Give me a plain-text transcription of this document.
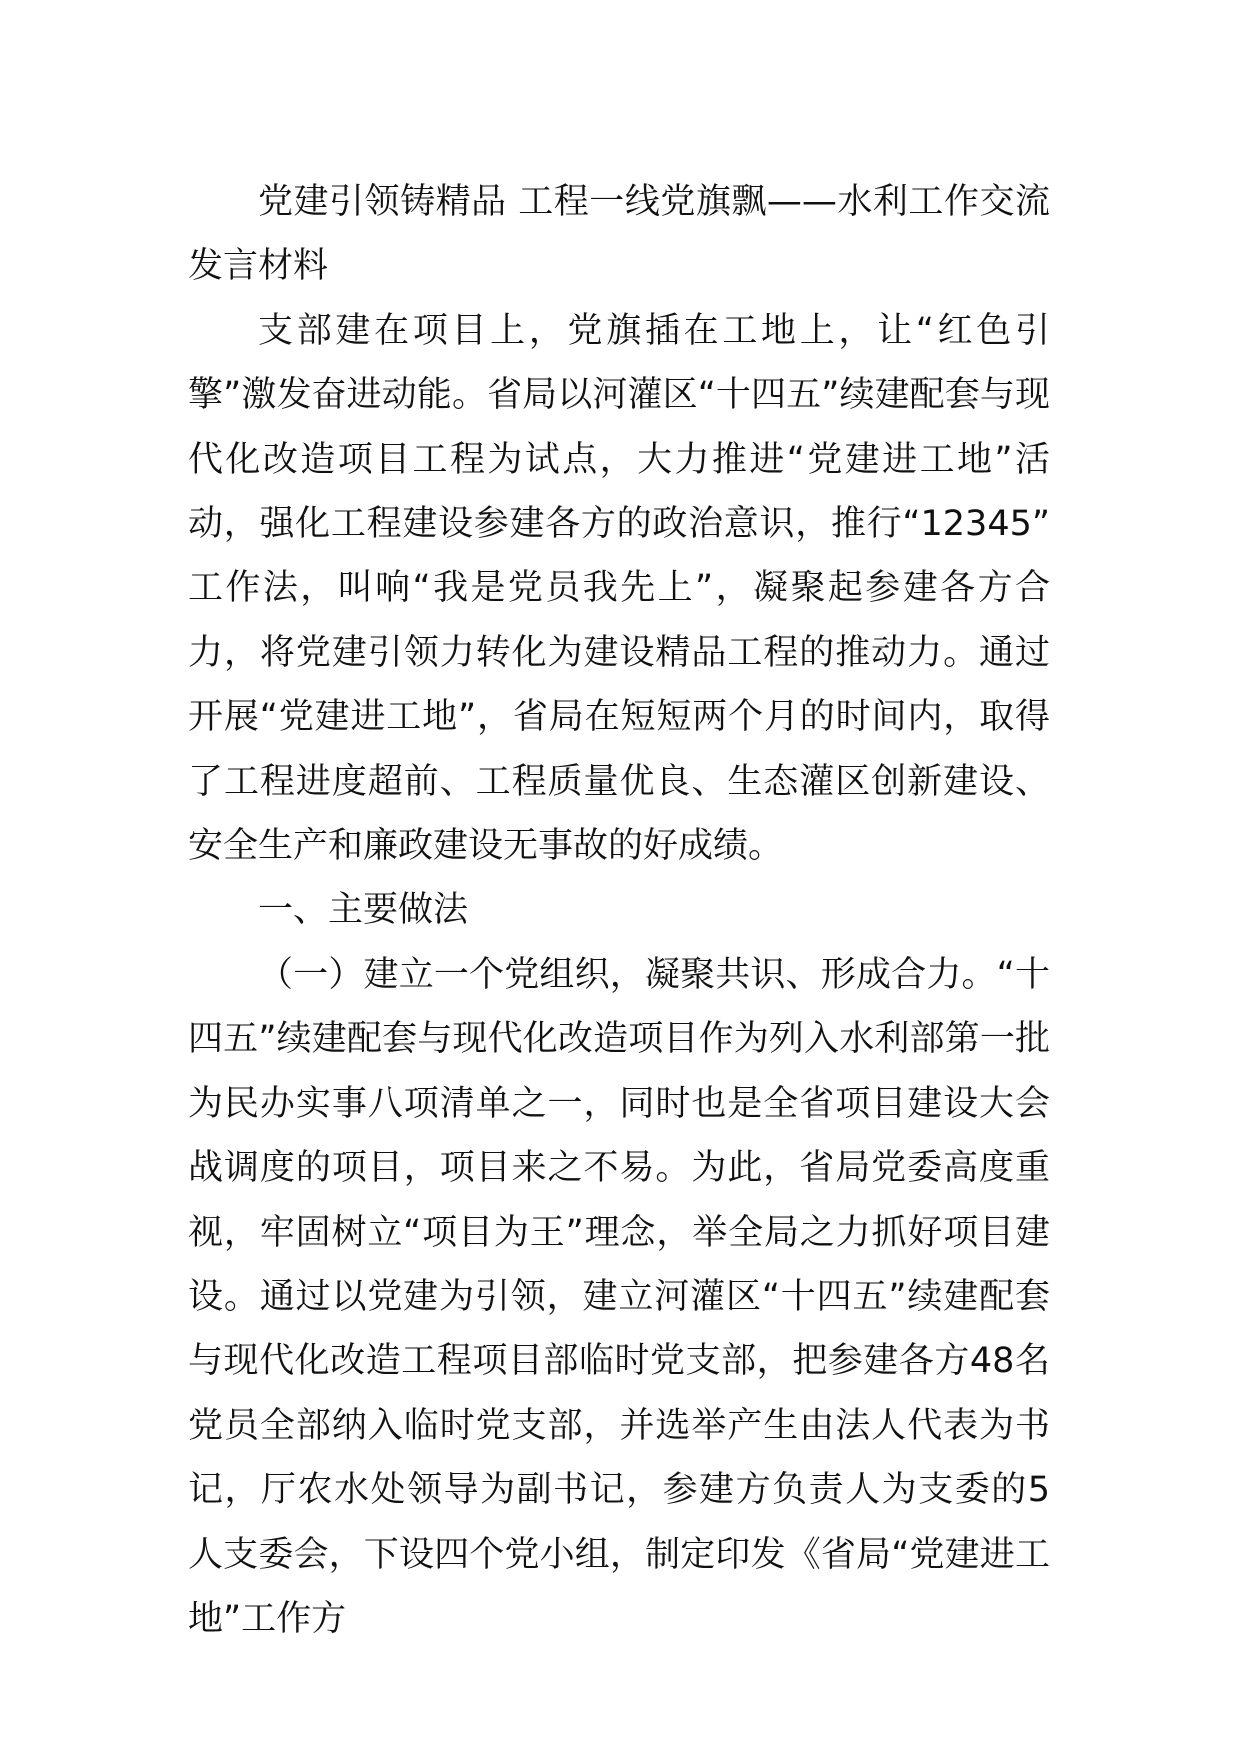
党建引领铸精品 工程一线党旗飘——水利工作交流发言材料

支部建在项目上，党旗插在工地上，让“红色引擎”激发奋进动能。省局以河灌区“十四五”续建配套与现代化改造项目工程为试点，大力推进“党建进工地”活动，强化工程建设参建各方的政治意识，推行“12345” 工作法，叫响“我是党员我先上”，凝聚起参建各方合力，将党建引领力转化为建设精品工程的推动力。通过开展“党建进工地”，省局在短短两个月的时间内，取得了工程进度超前、工程质量优良、生态灌区创新建设、安全生产和廉政建设无事故的好成绩。

一、主要做法

（一）建立一个党组织，凝聚共识、形成合力。“十四五”续建配套与现代化改造项目作为列入水利部第一批为民办实事八项清单之一，同时也是全省项目建设大会战调度的项目，项目来之不易。为此，省局党委高度重视，牢固树立“项目为王”理念，举全局之力抓好项目建设。通过以党建为引领，建立河灌区“十四五”续建配套与现代化改造工程项目部临时党支部，把参建各方48名党员全部纳入临时党支部，并选举产生由法人代表为书记，厅农水处领导为副书记，参建方负责人为支委的5人支委会，下设四个党小组，制定印发《省局“党建进工地”工作方
